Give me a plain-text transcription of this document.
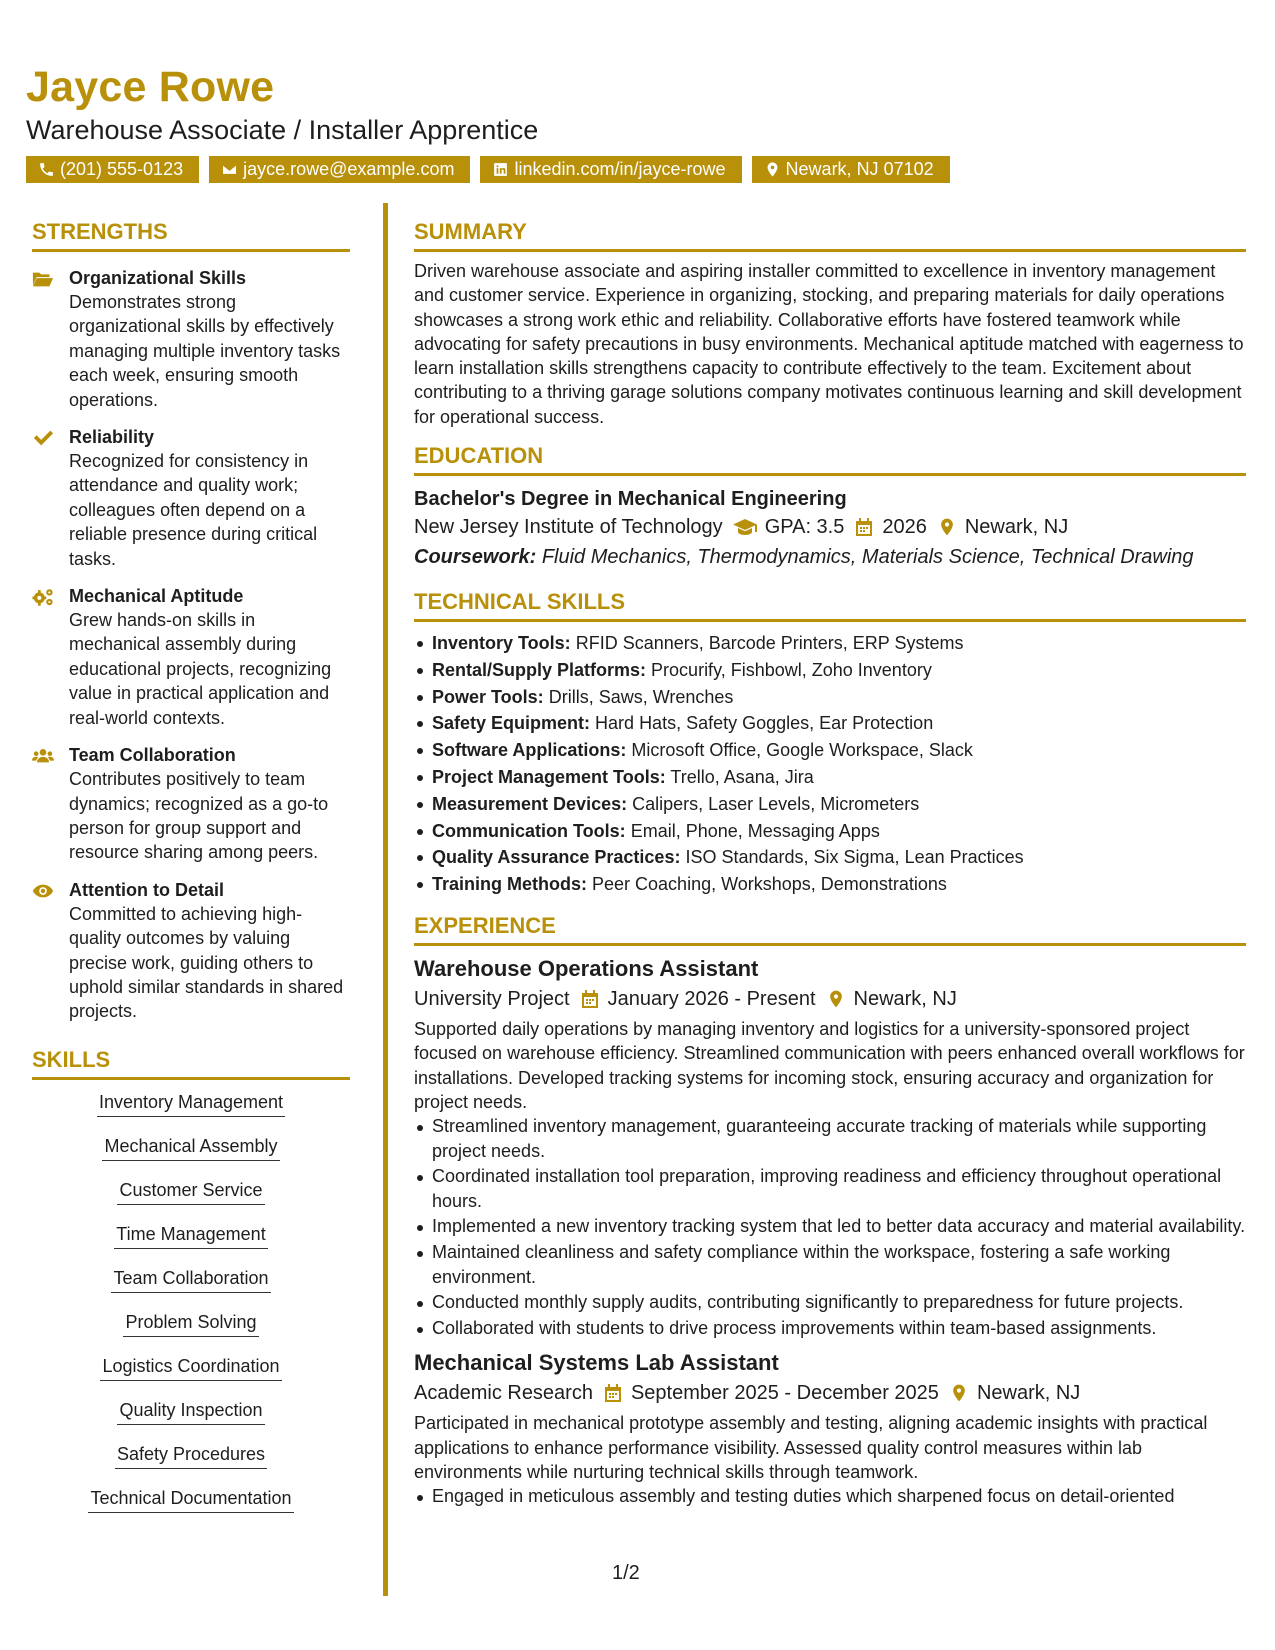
Jayce Rowe
Warehouse Associate / Installer Apprentice
(201) 555-0123	jayce.rowe@example.com	linkedin.com/in/jayce-rowe	Newark, NJ 07102
STRENGTHS
Organizational Skills
Demonstrates strong organizational skills by effectively managing multiple inventory tasks each week, ensuring smooth operations.
Reliability
Recognized for consistency in attendance and quality work; colleagues often depend on a reliable presence during critical tasks.
Mechanical Aptitude
Grew hands-on skills in mechanical assembly during educational projects, recognizing value in practical application and real-world contexts.
Team Collaboration
Contributes positively to team dynamics; recognized as a go-to person for group support and resource sharing among peers.
Attention to Detail
Committed to achieving high-quality outcomes by valuing precise work, guiding others to uphold similar standards in shared projects.
SKILLS
Inventory Management
Mechanical Assembly
Customer Service
Time Management
Team Collaboration
Problem Solving
Logistics Coordination
Quality Inspection
Safety Procedures
Technical Documentation
SUMMARY
Driven warehouse associate and aspiring installer committed to excellence in inventory management and customer service. Experience in organizing, stocking, and preparing materials for daily operations showcases a strong work ethic and reliability. Collaborative efforts have fostered teamwork while advocating for safety precautions in busy environments. Mechanical aptitude matched with eagerness to learn installation skills strengthens capacity to contribute effectively to the team. Excitement about contributing to a thriving garage solutions company motivates continuous learning and skill development for operational success.
EDUCATION
Bachelor's Degree in Mechanical Engineering
New Jersey Institute of Technology GPA: 3.5 2026 Newark, NJ
Coursework: Fluid Mechanics, Thermodynamics, Materials Science, Technical Drawing
TECHNICAL SKILLS
Inventory Tools: RFID Scanners, Barcode Printers, ERP Systems
Rental/Supply Platforms: Procurify, Fishbowl, Zoho Inventory
Power Tools: Drills, Saws, Wrenches
Safety Equipment: Hard Hats, Safety Goggles, Ear Protection
Software Applications: Microsoft Office, Google Workspace, Slack
Project Management Tools: Trello, Asana, Jira
Measurement Devices: Calipers, Laser Levels, Micrometers
Communication Tools: Email, Phone, Messaging Apps
Quality Assurance Practices: ISO Standards, Six Sigma, Lean Practices
Training Methods: Peer Coaching, Workshops, Demonstrations
EXPERIENCE
Warehouse Operations Assistant
University Project January 2026 - Present Newark, NJ
Supported daily operations by managing inventory and logistics for a university-sponsored project focused on warehouse efficiency. Streamlined communication with peers enhanced overall workflows for installations. Developed tracking systems for incoming stock, ensuring accuracy and organization for project needs.
Streamlined inventory management, guaranteeing accurate tracking of materials while supporting project needs.
Coordinated installation tool preparation, improving readiness and efficiency throughout operational hours.
Implemented a new inventory tracking system that led to better data accuracy and material availability.
Maintained cleanliness and safety compliance within the workspace, fostering a safe working environment.
Conducted monthly supply audits, contributing significantly to preparedness for future projects.
Collaborated with students to drive process improvements within team-based assignments.
Mechanical Systems Lab Assistant
Academic Research September 2025 - December 2025 Newark, NJ
Participated in mechanical prototype assembly and testing, aligning academic insights with practical applications to enhance performance visibility. Assessed quality control measures within lab environments while nurturing technical skills through teamwork.
Engaged in meticulous assembly and testing duties which sharpened focus on detail-oriented
1/2
